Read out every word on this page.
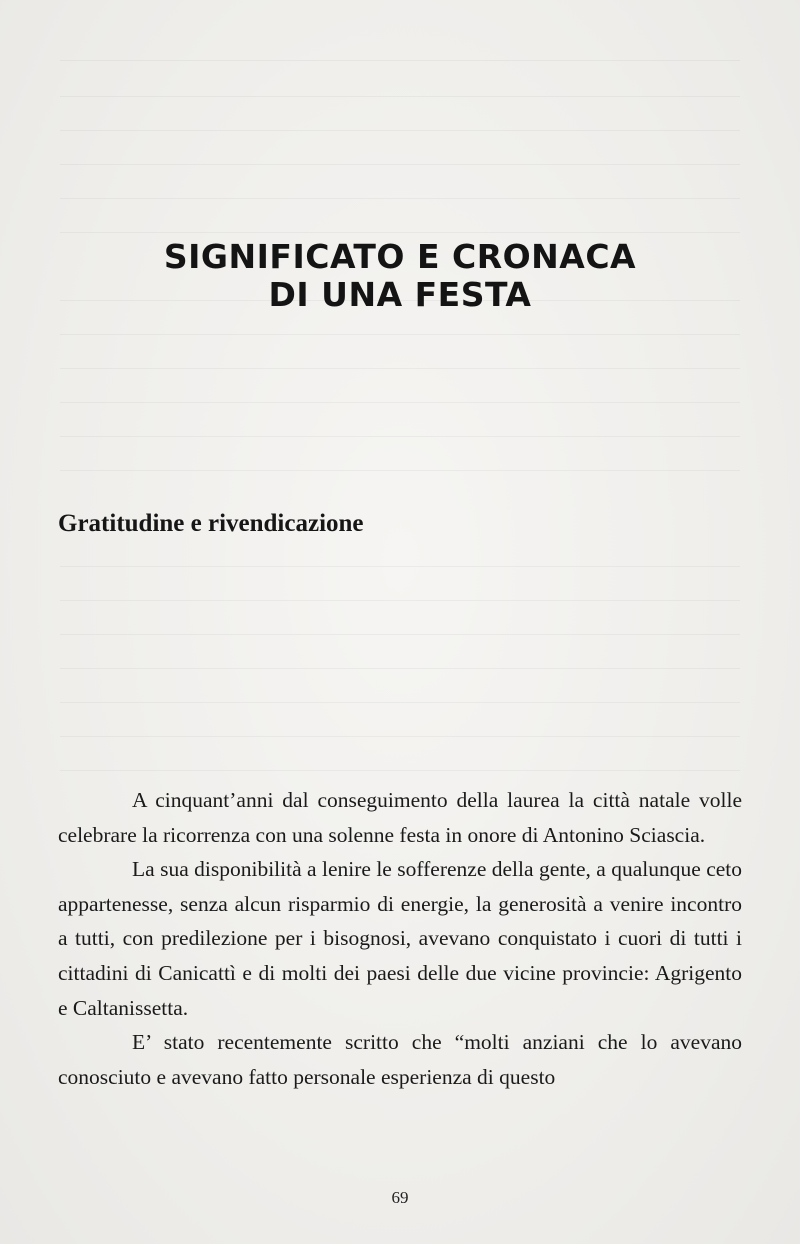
SIGNIFICATO E CRONACA
DI UNA FESTA
Gratitudine e rivendicazione

A cinquant’anni dal conseguimento della laurea la città natale volle celebrare la ricorrenza con una solenne festa in onore di Antonino Sciascia.

La sua disponibilità a lenire le sofferenze della gente, a qualunque ceto appartenesse, senza alcun risparmio di energie, la generosità a venire incontro a tutti, con predilezione per i bisognosi, avevano conquistato i cuori di tutti i cittadini di Canicattì e di molti dei paesi delle due vicine provincie: Agrigento e Caltanissetta.

E’ stato recentemente scritto che “molti anziani che lo avevano conosciuto e avevano fatto personale esperienza di questo

69
